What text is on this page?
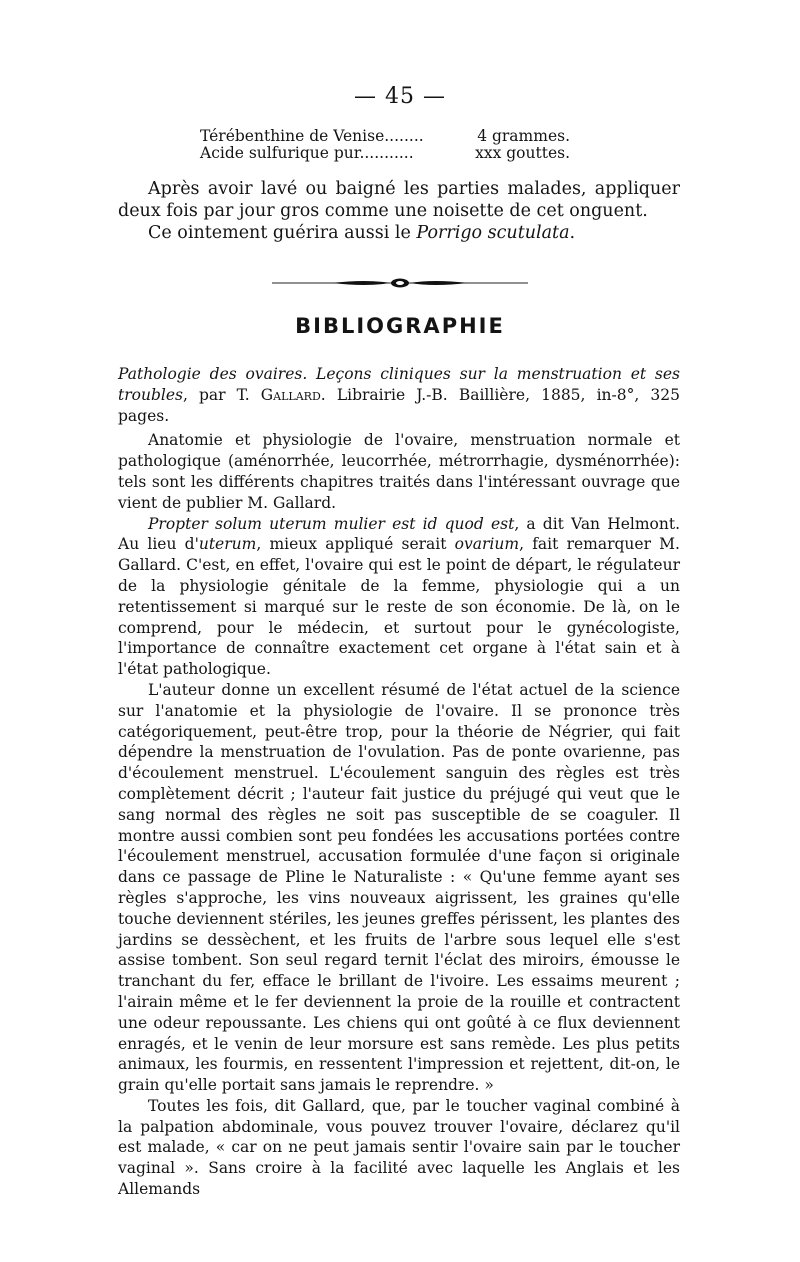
— 45 —
Térébenthine de Venise........	4 grammes.
Acide sulfurique pur...........	xxx gouttes.
Après avoir lavé ou baigné les parties malades, appliquer deux fois par jour gros comme une noisette de cet onguent.
Ce ointement guérira aussi le Porrigo scutulata.
BIBLIOGRAPHIE

Pathologie des ovaires. Leçons cliniques sur la menstruation et ses troubles, par T. Gallard. Librairie J.-B. Baillière, 1885, in-8°, 325 pages.

Anatomie et physiologie de l'ovaire, menstruation normale et pathologique (aménorrhée, leucorrhée, métrorrhagie, dysménorrhée): tels sont les différents chapitres traités dans l'intéressant ouvrage que vient de publier M. Gallard.

Propter solum uterum mulier est id quod est, a dit Van Helmont. Au lieu d'uterum, mieux appliqué serait ovarium, fait remarquer M. Gallard. C'est, en effet, l'ovaire qui est le point de départ, le régulateur de la physiologie génitale de la femme, physiologie qui a un retentissement si marqué sur le reste de son économie. De là, on le comprend, pour le médecin, et surtout pour le gynécologiste, l'importance de connaître exactement cet organe à l'état sain et à l'état pathologique.

L'auteur donne un excellent résumé de l'état actuel de la science sur l'anatomie et la physiologie de l'ovaire. Il se prononce très catégoriquement, peut-être trop, pour la théorie de Négrier, qui fait dépendre la menstruation de l'ovulation. Pas de ponte ovarienne, pas d'écoulement menstruel. L'écoulement sanguin des règles est très complètement décrit ; l'auteur fait justice du préjugé qui veut que le sang normal des règles ne soit pas susceptible de se coaguler. Il montre aussi combien sont peu fondées les accusations portées contre l'écoulement menstruel, accusation formulée d'une façon si originale dans ce passage de Pline le Naturaliste : « Qu'une femme ayant ses règles s'approche, les vins nouveaux aigrissent, les graines qu'elle touche deviennent stériles, les jeunes greffes périssent, les plantes des jardins se dessèchent, et les fruits de l'arbre sous lequel elle s'est assise tombent. Son seul regard ternit l'éclat des miroirs, émousse le tranchant du fer, efface le brillant de l'ivoire. Les essaims meurent ; l'airain même et le fer deviennent la proie de la rouille et contractent une odeur repoussante. Les chiens qui ont goûté à ce flux deviennent enragés, et le venin de leur morsure est sans remède. Les plus petits animaux, les fourmis, en ressentent l'impression et rejettent, dit-on, le grain qu'elle portait sans jamais le reprendre. »

Toutes les fois, dit Gallard, que, par le toucher vaginal combiné à la palpation abdominale, vous pouvez trouver l'ovaire, déclarez qu'il est malade, « car on ne peut jamais sentir l'ovaire sain par le toucher vaginal ». Sans croire à la facilité avec laquelle les Anglais et les Allemands
